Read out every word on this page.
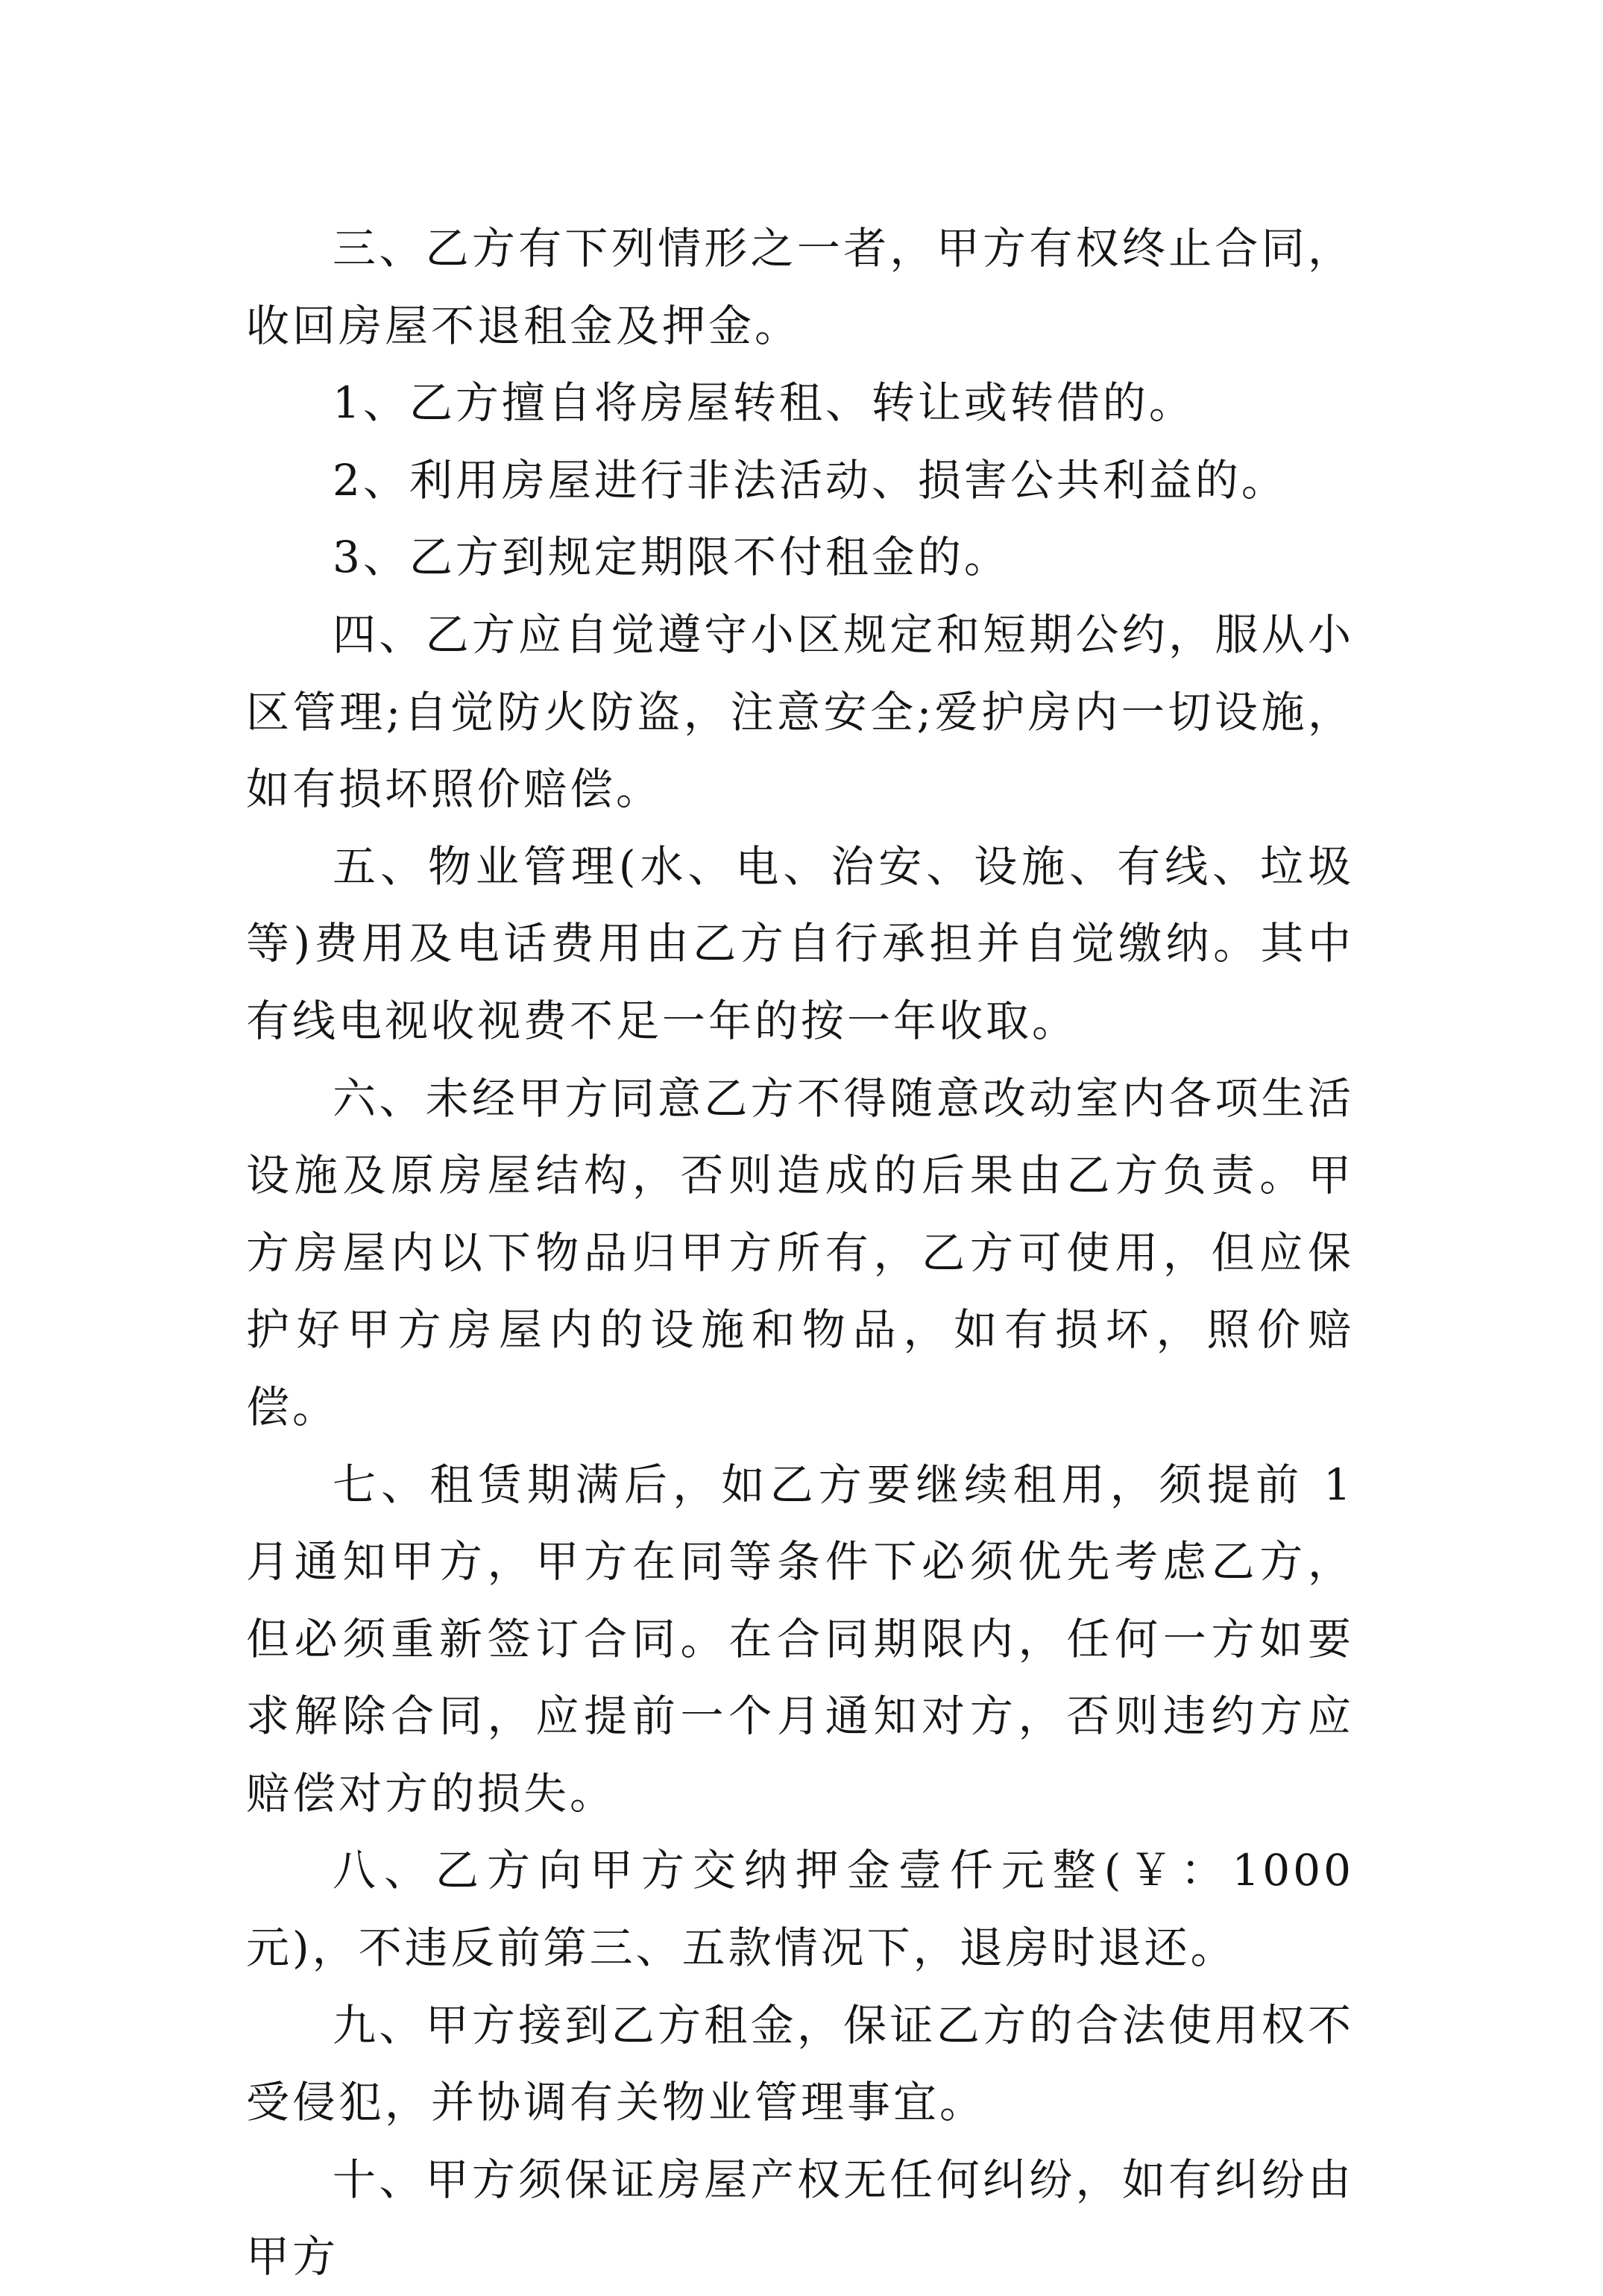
三、乙方有下列情形之一者，甲方有权终止合同，收回房屋不退租金及押金。

1、乙方擅自将房屋转租、转让或转借的。

2、利用房屋进行非法活动、损害公共利益的。

3、乙方到规定期限不付租金的。

四、乙方应自觉遵守小区规定和短期公约，服从小区管理;自觉防火防盗，注意安全;爱护房内一切设施，如有损坏照价赔偿。

五、物业管理(水、电、治安、设施、有线、垃圾等)费用及电话费用由乙方自行承担并自觉缴纳。其中有线电视收视费不足一年的按一年收取。

六、未经甲方同意乙方不得随意改动室内各项生活设施及原房屋结构，否则造成的后果由乙方负责。甲方房屋内以下物品归甲方所有，乙方可使用，但应保护好甲方房屋内的设施和物品，如有损坏，照价赔偿。

七、租赁期满后，如乙方要继续租用，须提前 1 月通知甲方，甲方在同等条件下必须优先考虑乙方，但必须重新签订合同。在合同期限内，任何一方如要求解除合同，应提前一个月通知对方，否则违约方应赔偿对方的损失。

八、乙方向甲方交纳押金壹仟元整(￥：1000 元)，不违反前第三、五款情况下，退房时退还。

九、甲方接到乙方租金，保证乙方的合法使用权不受侵犯，并协调有关物业管理事宜。

十、甲方须保证房屋产权无任何纠纷，如有纠纷由甲方
